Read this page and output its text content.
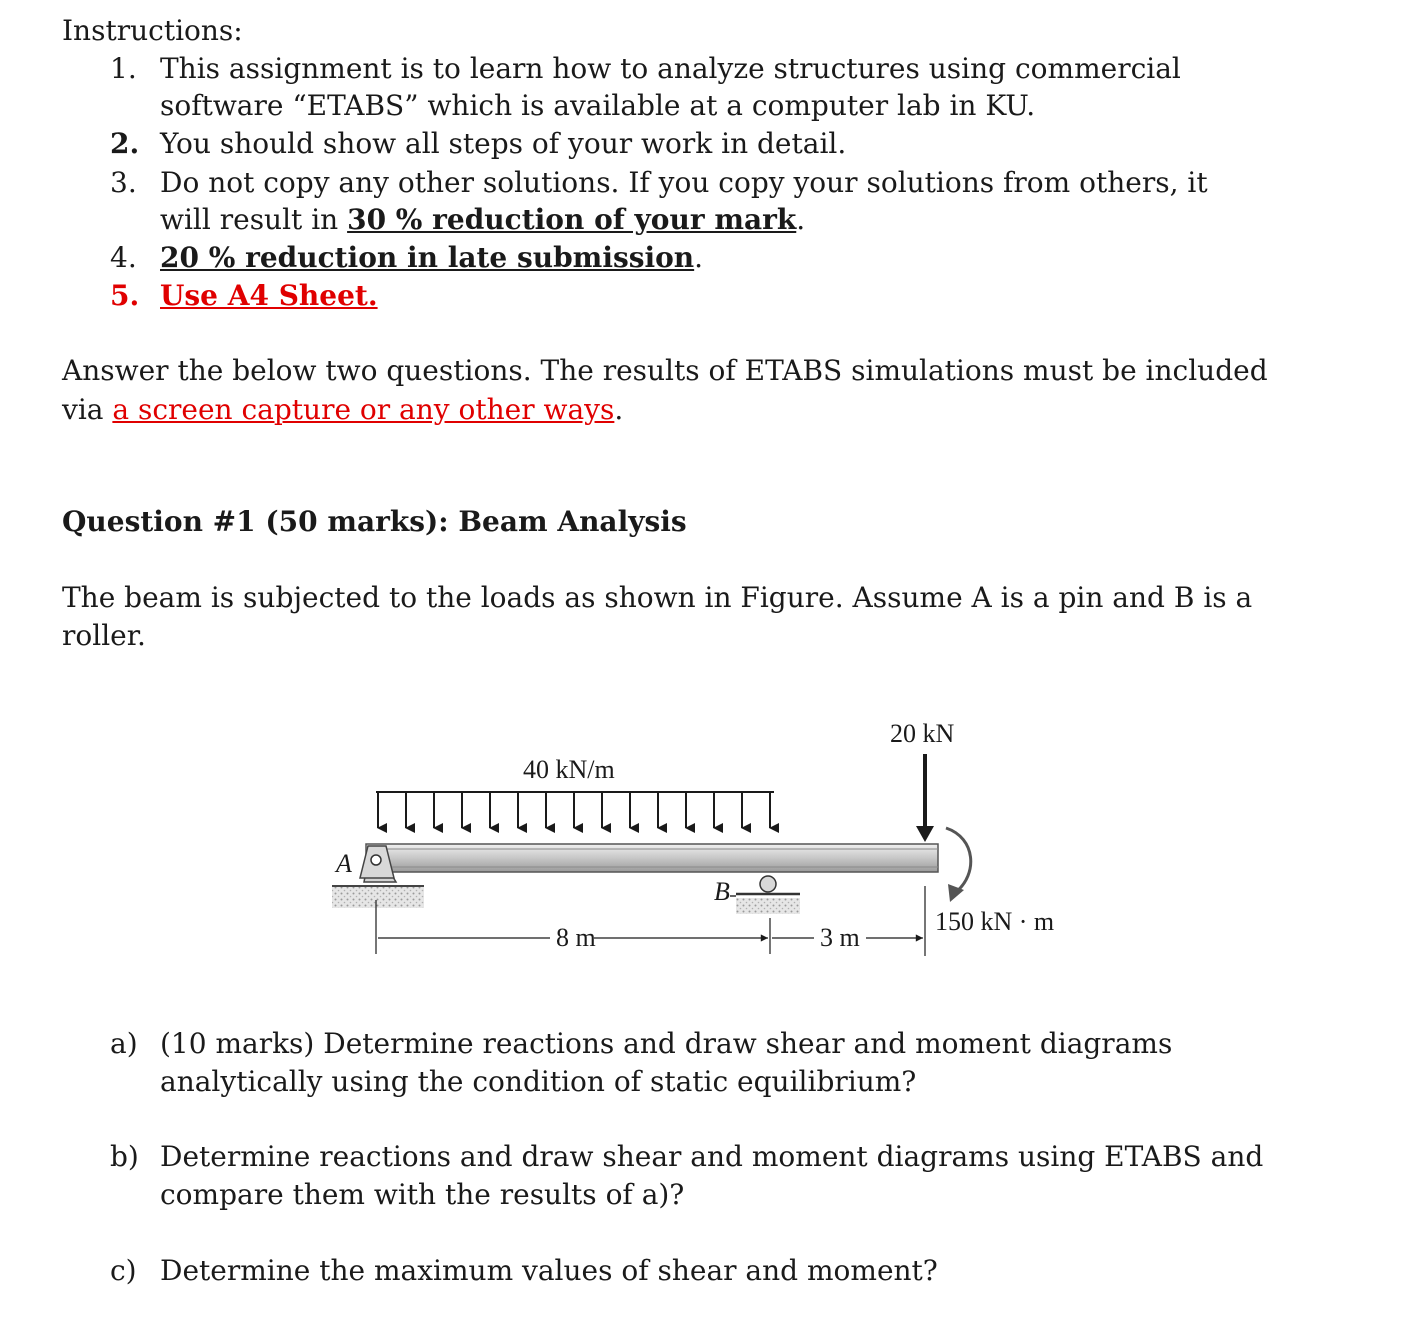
Instructions:
1. This assignment is to learn how to analyze structures using commercial
software “ETABS” which is available at a computer lab in KU.
2. You should show all steps of your work in detail.
3. Do not copy any other solutions. If you copy your solutions from others, it
will result in 30 % reduction of your mark.
4. 20 % reduction in late submission.
5. Use A4 Sheet.
Answer the below two questions. The results of ETABS simulations must be included
via a screen capture or any other ways.
Question #1 (50 marks): Beam Analysis
The beam is subjected to the loads as shown in Figure. Assume A is a pin and B is a
roller.
20 kN
40 kN/m
A
B
150 kN · m
8 m	3 m
a) (10 marks) Determine reactions and draw shear and moment diagrams
analytically using the condition of static equilibrium?
b) Determine reactions and draw shear and moment diagrams using ETABS and
compare them with the results of a)?
c) Determine the maximum values of shear and moment?
